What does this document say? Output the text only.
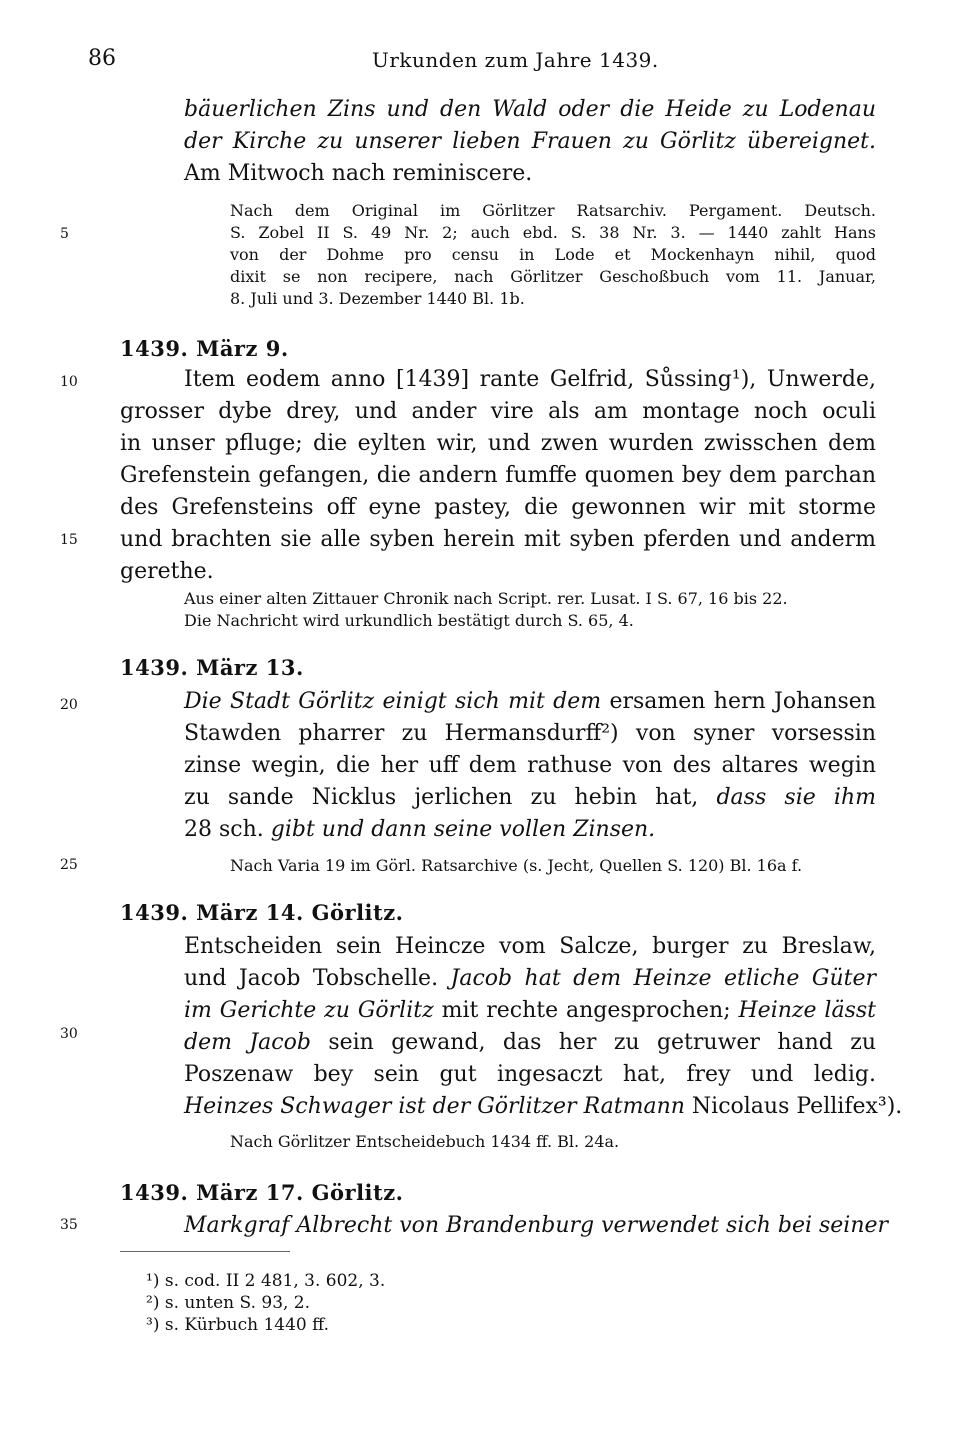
86	Urkunden zum Jahre 1439.
5
10
15
20
25
30
35
bäuerlichen Zins und den Wald oder die Heide zu Lodenau
der Kirche zu unserer lieben Frauen zu Görlitz übereignet.
Am Mitwoch nach reminiscere.
Nach dem Original im Görlitzer Ratsarchiv. Pergament. Deutsch.
S. Zobel II S. 49 Nr. 2; auch ebd. S. 38 Nr. 3. — 1440 zahlt Hans
von der Dohme pro censu in Lode et Mockenhayn nihil, quod
dixit se non recipere, nach Görlitzer Geschoßbuch vom 11. Januar,
8. Juli und 3. Dezember 1440 Bl. 1b.
1439. März 9.
Item eodem anno [1439] rante Gelfrid, Sůssing¹), Unwerde,
grosser dybe drey, und ander vire als am montage noch oculi
in unser pfluge; die eylten wir, und zwen wurden zwisschen dem
Grefenstein gefangen, die andern fumffe quomen bey dem parchan
des Grefensteins off eyne pastey, die gewonnen wir mit storme
und brachten sie alle syben herein mit syben pferden und anderm
gerethe.
Aus einer alten Zittauer Chronik nach Script. rer. Lusat. I S. 67, 16 bis 22.
Die Nachricht wird urkundlich bestätigt durch S. 65, 4.
1439. März 13.
Die Stadt Görlitz einigt sich mit dem ersamen hern Johansen
Stawden pharrer zu Hermansdurff²) von syner vorsessin
zinse wegin, die her uff dem rathuse von des altares wegin
zu sande Nicklus jerlichen zu hebin hat, dass sie ihm
28 sch. gibt und dann seine vollen Zinsen.
Nach Varia 19 im Görl. Ratsarchive (s. Jecht, Quellen S. 120) Bl. 16a f.
1439. März 14. Görlitz.
Entscheiden sein Heincze vom Salcze, burger zu Breslaw,
und Jacob Tobschelle. Jacob hat dem Heinze etliche Güter
im Gerichte zu Görlitz mit rechte angesprochen; Heinze lässt
dem Jacob sein gewand, das her zu getruwer hand zu
Poszenaw bey sein gut ingesaczt hat, frey und ledig.
Heinzes Schwager ist der Görlitzer Ratmann Nicolaus Pellifex³).
Nach Görlitzer Entscheidebuch 1434 ff. Bl. 24a.
1439. März 17. Görlitz.
Markgraf Albrecht von Brandenburg verwendet sich bei seiner
¹) s. cod. II 2 481, 3. 602, 3.
²) s. unten S. 93, 2.
³) s. Kürbuch 1440 ff.
